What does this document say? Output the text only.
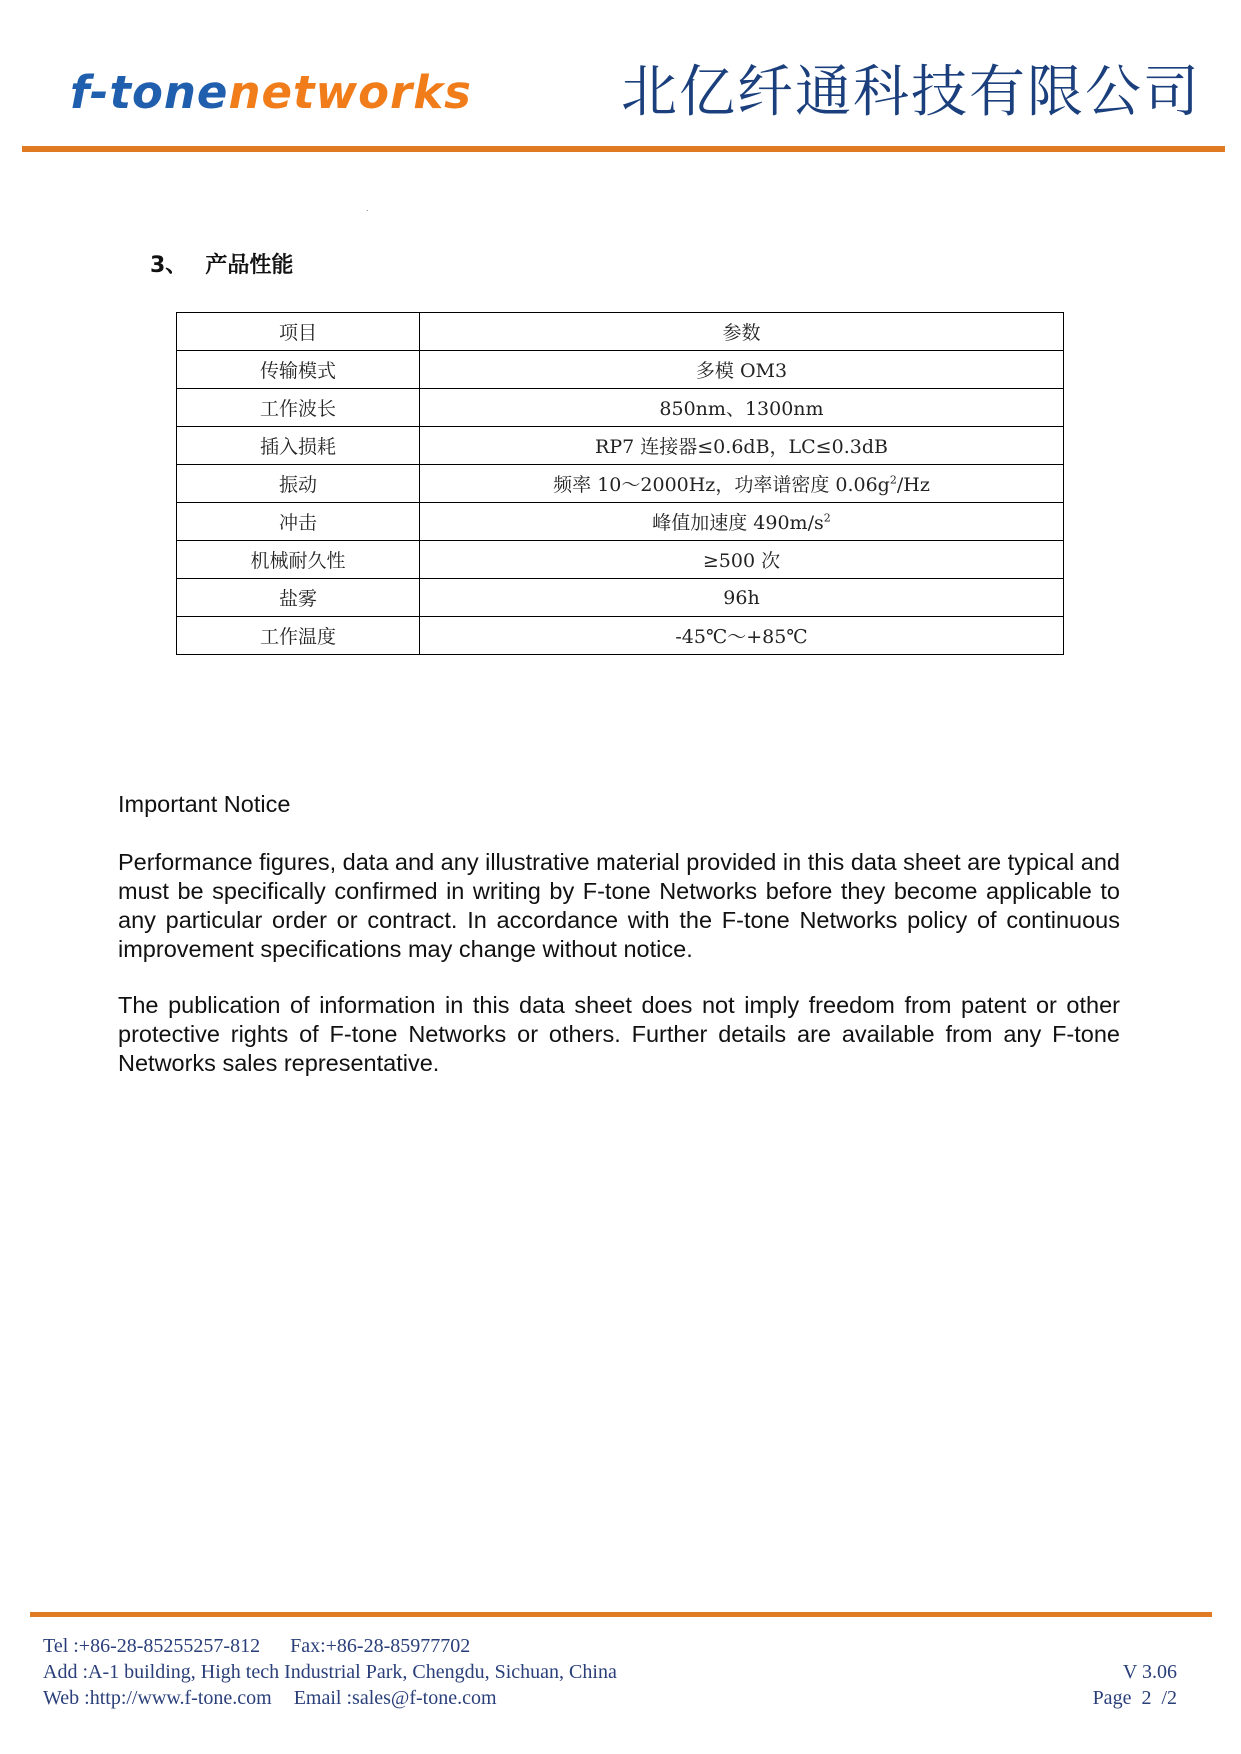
f-tonenetworks	北亿纤通科技有限公司
.
3、 产品性能
项目	参数
传输模式	多模 OM3
工作波长	850nm、1300nm
插入损耗	RP7 连接器≤0.6dB，LC≤0.3dB
振动	频率 10～2000Hz，功率谱密度 $0.06g^2/Hz$
冲击	峰值加速度 $490m/s^2$
机械耐久性	≥500 次
盐雾	96h
工作温度	-45℃～+85℃
Important Notice
Performance figures, data and any illustrative material provided in this data sheet are typical and must be specifically confirmed in writing by F-tone Networks before they become applicable to any particular order or contract. In accordance with the F-tone Networks policy of continuous improvement specifications may change without notice.
The publication of information in this data sheet does not imply freedom from patent or other protective rights of F-tone Networks or others. Further details are available from any F-tone Networks sales representative.
Tel :+86-28-85255257-812 Fax:+86-28-85977702
Add :A-1 building, High tech Industrial Park, Chengdu, Sichuan, China
Web :http://www.f-tone.com Email :sales@f-tone.com
V 3.06
Page  2  /2
